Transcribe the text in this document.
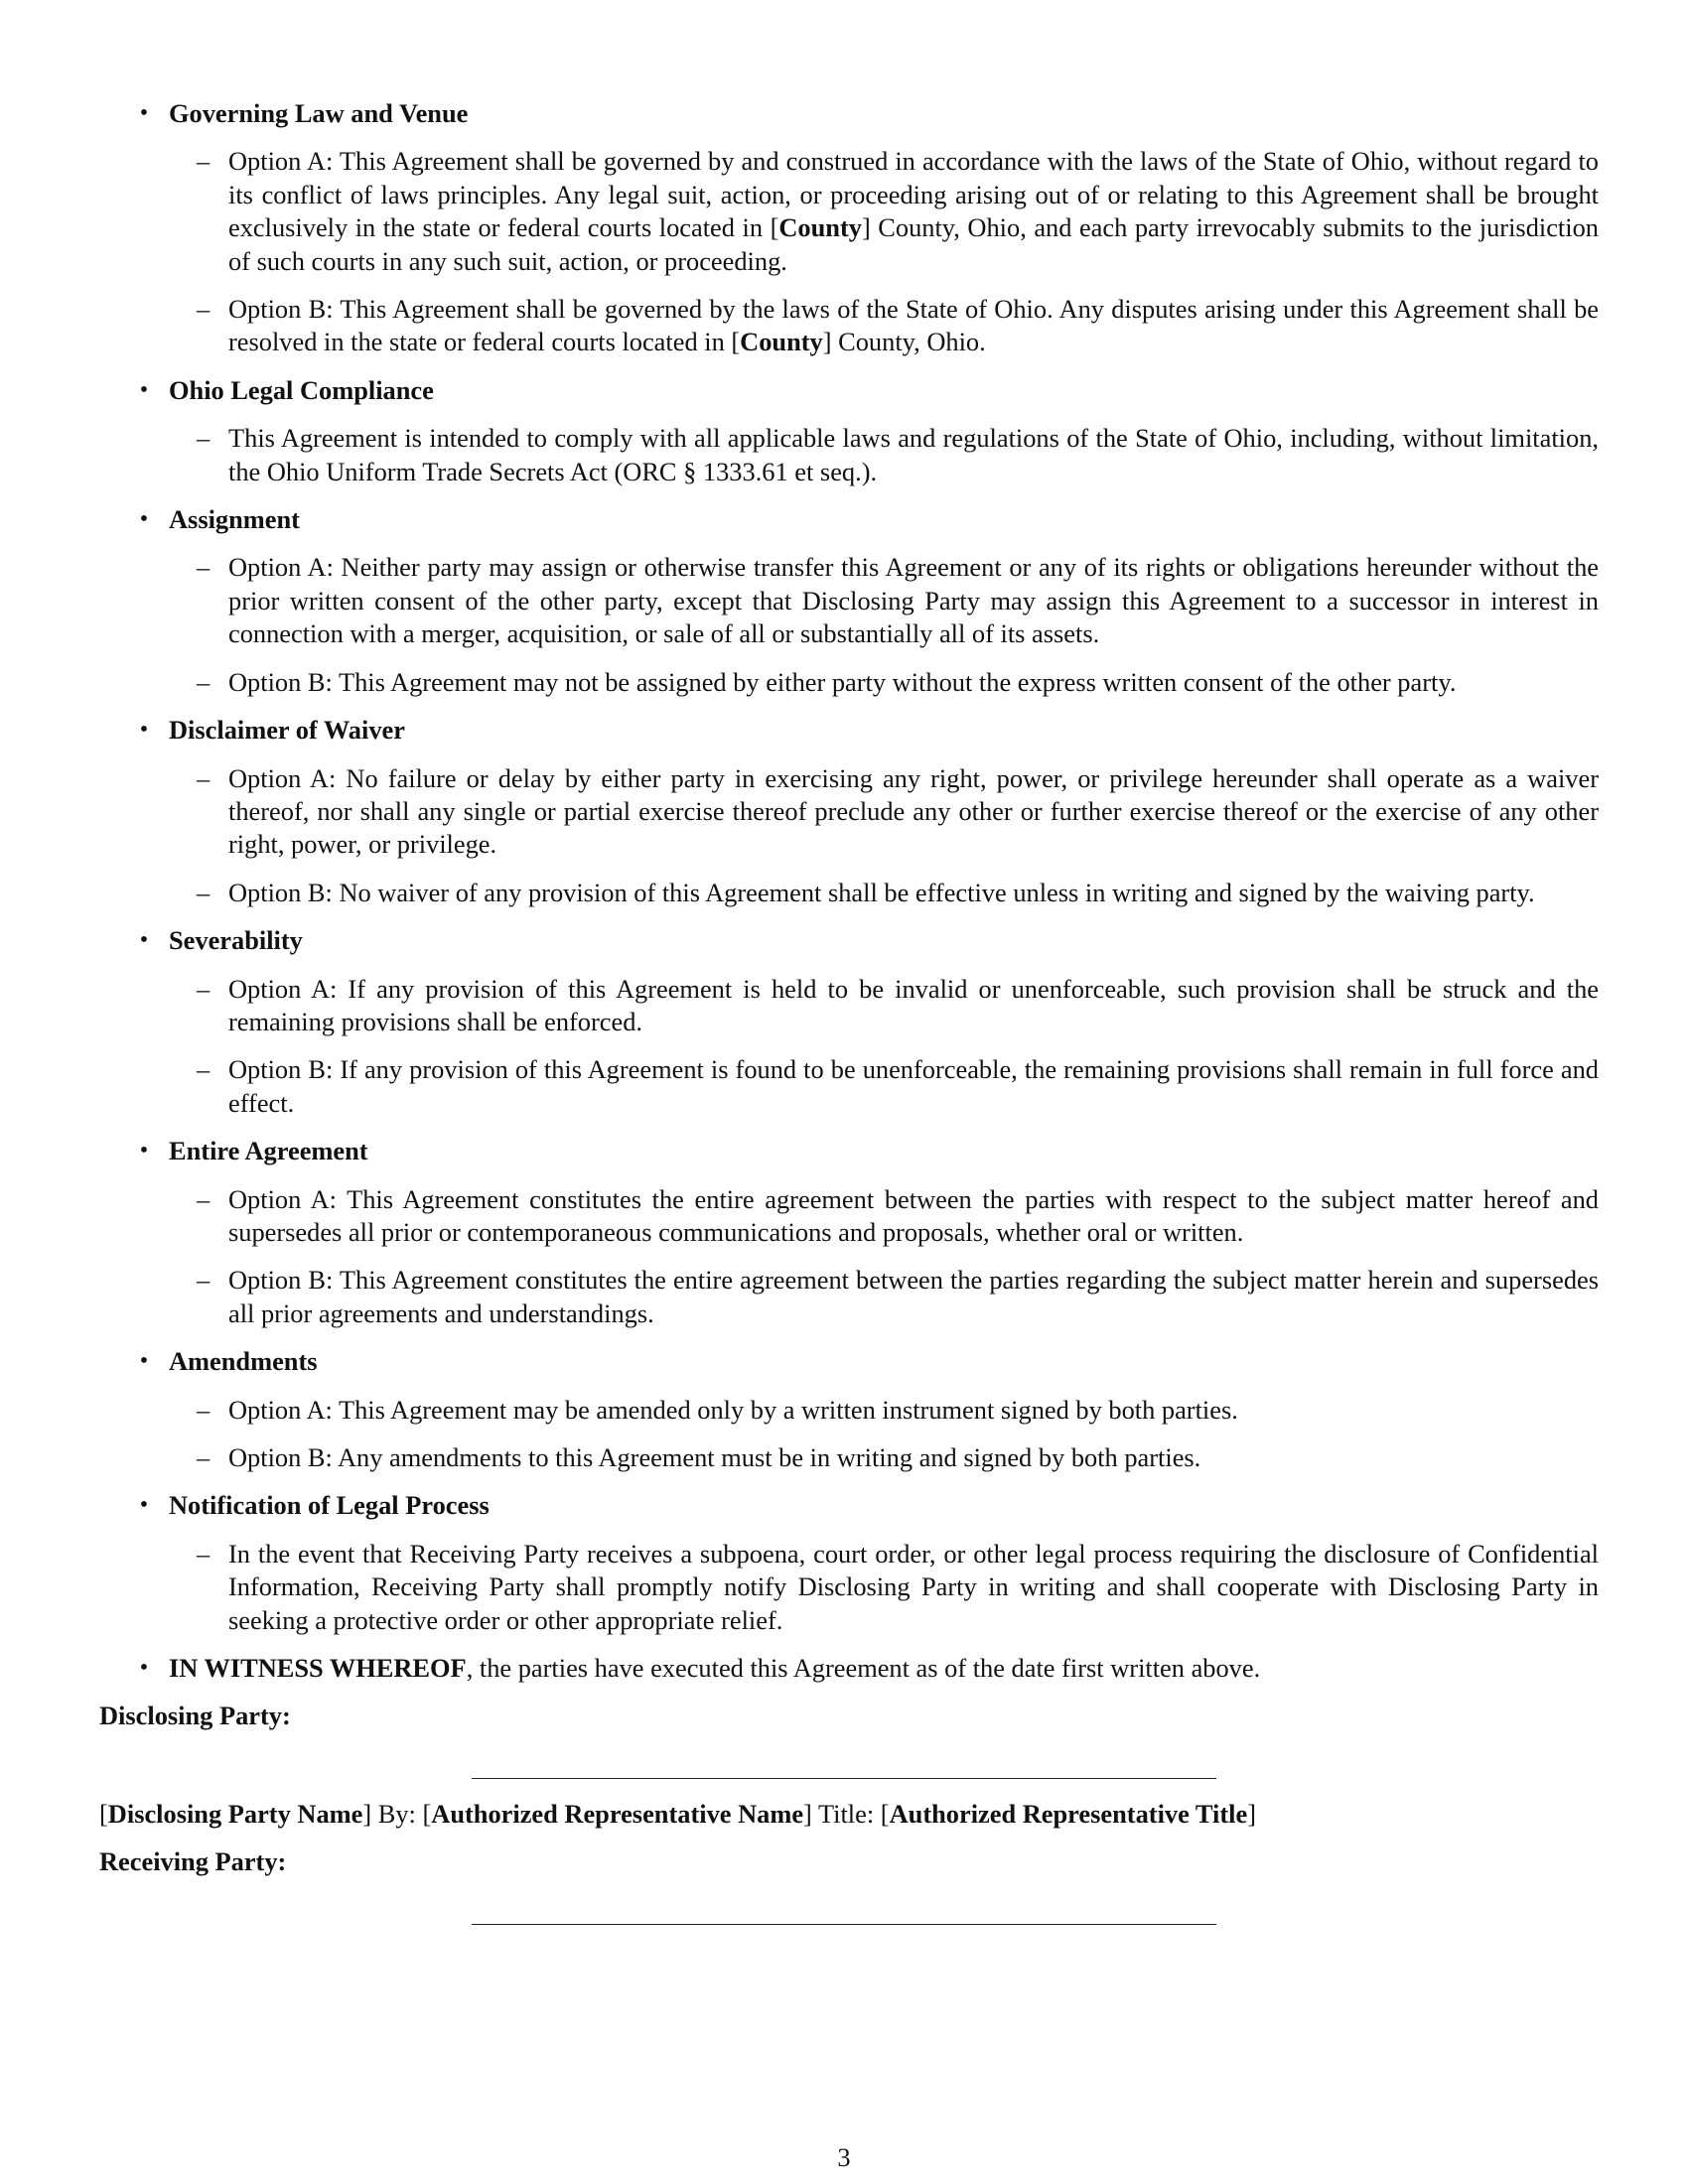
• Governing Law and Venue
– Option A: This Agreement shall be governed by and construed in accordance with the laws of the State of Ohio, without regard to its conflict of laws principles. Any legal suit, action, or proceeding arising out of or relating to this Agreement shall be brought exclusively in the state or federal courts located in [County] County, Ohio, and each party irrevocably submits to the jurisdiction of such courts in any such suit, action, or proceeding.
– Option B: This Agreement shall be governed by the laws of the State of Ohio. Any disputes arising under this Agreement shall be resolved in the state or federal courts located in [County] County, Ohio.
• Ohio Legal Compliance
– This Agreement is intended to comply with all applicable laws and regulations of the State of Ohio, including, without limitation, the Ohio Uniform Trade Secrets Act (ORC § 1333.61 et seq.).
• Assignment
– Option A: Neither party may assign or otherwise transfer this Agreement or any of its rights or obligations hereunder without the prior written consent of the other party, except that Disclosing Party may assign this Agreement to a successor in interest in connection with a merger, acquisition, or sale of all or substantially all of its assets.
– Option B: This Agreement may not be assigned by either party without the express written consent of the other party.
• Disclaimer of Waiver
– Option A: No failure or delay by either party in exercising any right, power, or privilege hereunder shall operate as a waiver thereof, nor shall any single or partial exercise thereof preclude any other or further exercise thereof or the exercise of any other right, power, or privilege.
– Option B: No waiver of any provision of this Agreement shall be effective unless in writing and signed by the waiving party.
• Severability
– Option A: If any provision of this Agreement is held to be invalid or unenforceable, such provision shall be struck and the remaining provisions shall be enforced.
– Option B: If any provision of this Agreement is found to be unenforceable, the remaining provisions shall remain in full force and effect.
• Entire Agreement
– Option A: This Agreement constitutes the entire agreement between the parties with respect to the subject matter hereof and supersedes all prior or contemporaneous communications and proposals, whether oral or written.
– Option B: This Agreement constitutes the entire agreement between the parties regarding the subject matter herein and supersedes all prior agreements and understandings.
• Amendments
– Option A: This Agreement may be amended only by a written instrument signed by both parties.
– Option B: Any amendments to this Agreement must be in writing and signed by both parties.
• Notification of Legal Process
– In the event that Receiving Party receives a subpoena, court order, or other legal process requiring the disclosure of Confidential Information, Receiving Party shall promptly notify Disclosing Party in writing and shall cooperate with Disclosing Party in seeking a protective order or other appropriate relief.
• IN WITNESS WHEREOF, the parties have executed this Agreement as of the date first written above.
Disclosing Party:
[Disclosing Party Name] By: [Authorized Representative Name] Title: [Authorized Representative Title]
Receiving Party:
3
